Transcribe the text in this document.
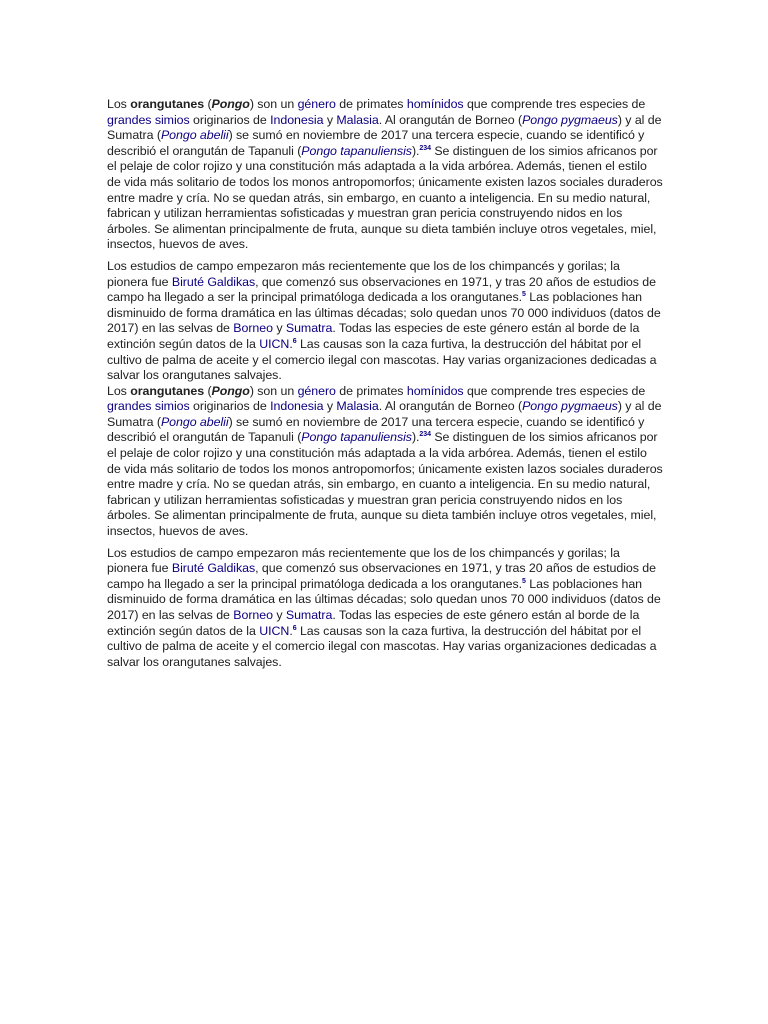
Los orangutanes (Pongo) son un género de primates homínidos que comprende tres especies de grandes simios originarios de Indonesia y Malasia. Al orangután de Borneo (Pongo pygmaeus) y al de Sumatra (Pongo abelii) se sumó en noviembre de 2017 una tercera especie, cuando se identificó y describió el orangután de Tapanuli (Pongo tapanuliensis).$^{234}$ Se distinguen de los simios africanos por el pelaje de color rojizo y una constitución más adaptada a la vida arbórea. Además, tienen el estilo de vida más solitario de todos los monos antropomorfos; únicamente existen lazos sociales duraderos entre madre y cría. No se quedan atrás, sin embargo, en cuanto a inteligencia. En su medio natural, fabrican y utilizan herramientas sofisticadas y muestran gran pericia construyendo nidos en los árboles. Se alimentan principalmente de fruta, aunque su dieta también incluye otros vegetales, miel, insectos, huevos de aves.

Los estudios de campo empezaron más recientemente que los de los chimpancés y gorilas; la pionera fue Biruté Galdikas, que comenzó sus observaciones en 1971, y tras 20 años de estudios de campo ha llegado a ser la principal primatóloga dedicada a los orangutanes.$^5$ Las poblaciones han disminuido de forma dramática en las últimas décadas; solo quedan unos 70 000 individuos (datos de 2017) en las selvas de Borneo y Sumatra. Todas las especies de este género están al borde de la extinción según datos de la UICN.$^6$ Las causas son la caza furtiva, la destrucción del hábitat por el cultivo de palma de aceite y el comercio ilegal con mascotas. Hay varias organizaciones dedicadas a salvar los orangutanes salvajes.

Los orangutanes (Pongo) son un género de primates homínidos que comprende tres especies de grandes simios originarios de Indonesia y Malasia. Al orangután de Borneo (Pongo pygmaeus) y al de Sumatra (Pongo abelii) se sumó en noviembre de 2017 una tercera especie, cuando se identificó y describió el orangután de Tapanuli (Pongo tapanuliensis).$^{234}$ Se distinguen de los simios africanos por el pelaje de color rojizo y una constitución más adaptada a la vida arbórea. Además, tienen el estilo de vida más solitario de todos los monos antropomorfos; únicamente existen lazos sociales duraderos entre madre y cría. No se quedan atrás, sin embargo, en cuanto a inteligencia. En su medio natural, fabrican y utilizan herramientas sofisticadas y muestran gran pericia construyendo nidos en los árboles. Se alimentan principalmente de fruta, aunque su dieta también incluye otros vegetales, miel, insectos, huevos de aves.

Los estudios de campo empezaron más recientemente que los de los chimpancés y gorilas; la pionera fue Biruté Galdikas, que comenzó sus observaciones en 1971, y tras 20 años de estudios de campo ha llegado a ser la principal primatóloga dedicada a los orangutanes.$^5$ Las poblaciones han disminuido de forma dramática en las últimas décadas; solo quedan unos 70 000 individuos (datos de 2017) en las selvas de Borneo y Sumatra. Todas las especies de este género están al borde de la extinción según datos de la UICN.$^6$ Las causas son la caza furtiva, la destrucción del hábitat por el cultivo de palma de aceite y el comercio ilegal con mascotas. Hay varias organizaciones dedicadas a salvar los orangutanes salvajes.
